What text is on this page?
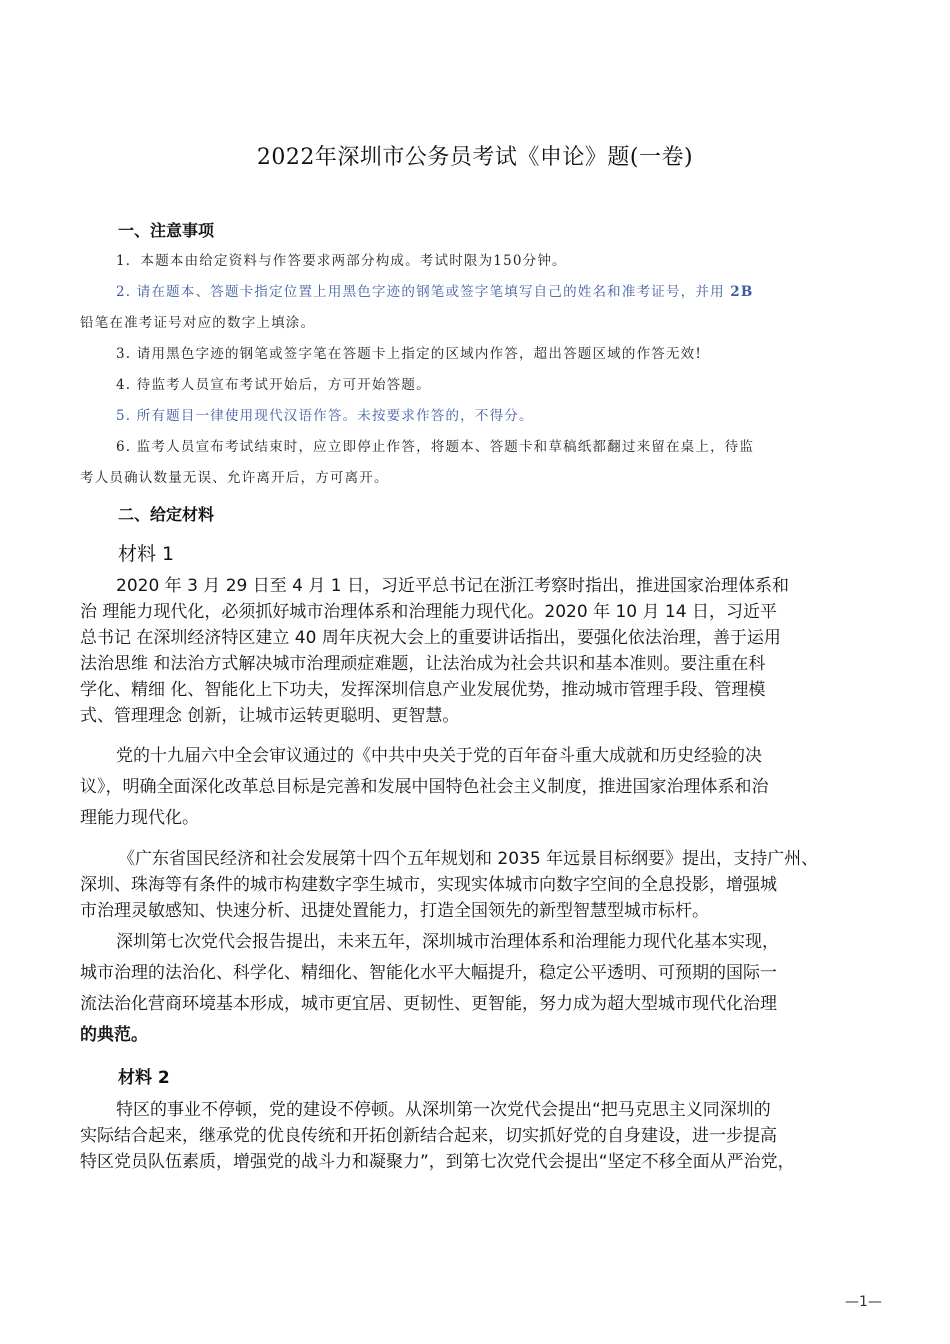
2022年深圳市公务员考试《申论》题(一卷)
一、注意事项
1．本题本由给定资料与作答要求两部分构成。考试时限为150分钟。
2. 请在题本、答题卡指定位置上用黑色字迹的钢笔或签字笔填写自己的姓名和准考证号，并用 2B
铅笔在准考证号对应的数字上填涂。
3. 请用黑色字迹的钢笔或签字笔在答题卡上指定的区域内作答，超出答题区域的作答无效!
4. 待监考人员宣布考试开始后，方可开始答题。
5. 所有题目一律使用现代汉语作答。未按要求作答的，不得分。
6. 监考人员宣布考试结束时，应立即停止作答，将题本、答题卡和草稿纸都翻过来留在桌上，待监
考人员确认数量无误、允许离开后，方可离开。
二、给定材料
材料 1
2020 年 3 月 29 日至 4 月 1 日，习近平总书记在浙江考察时指出，推进国家治理体系和
治 理能力现代化，必须抓好城市治理体系和治理能力现代化。2020 年 10 月 14 日，习近平
总书记 在深圳经济特区建立 40 周年庆祝大会上的重要讲话指出，要强化依法治理，善于运用
法治思维 和法治方式解决城市治理顽症难题，让法治成为社会共识和基本准则。要注重在科
学化、精细 化、智能化上下功夫，发挥深圳信息产业发展优势，推动城市管理手段、管理模
式、管理理念 创新，让城市运转更聪明、更智慧。
党的十九届六中全会审议通过的《中共中央关于党的百年奋斗重大成就和历史经验的决
议》，明确全面深化改革总目标是完善和发展中国特色社会主义制度，推进国家治理体系和治
理能力现代化。
《广东省国民经济和社会发展第十四个五年规划和 2035 年远景目标纲要》提出，支持广州、
深圳、珠海等有条件的城市构建数字孪生城市，实现实体城市向数字空间的全息投影，增强城
市治理灵敏感知、快速分析、迅捷处置能力，打造全国领先的新型智慧型城市标杆。
深圳第七次党代会报告提出，未来五年，深圳城市治理体系和治理能力现代化基本实现，
城市治理的法治化、科学化、精细化、智能化水平大幅提升，稳定公平透明、可预期的国际一
流法治化营商环境基本形成，城市更宜居、更韧性、更智能，努力成为超大型城市现代化治理
的典范。
材料 2
特区的事业不停顿，党的建设不停顿。从深圳第一次党代会提出“把马克思主义同深圳的
实际结合起来，继承党的优良传统和开拓创新结合起来，切实抓好党的自身建设，进一步提高
特区党员队伍素质，增强党的战斗力和凝聚力”，到第七次党代会提出“坚定不移全面从严治党，
—1—
